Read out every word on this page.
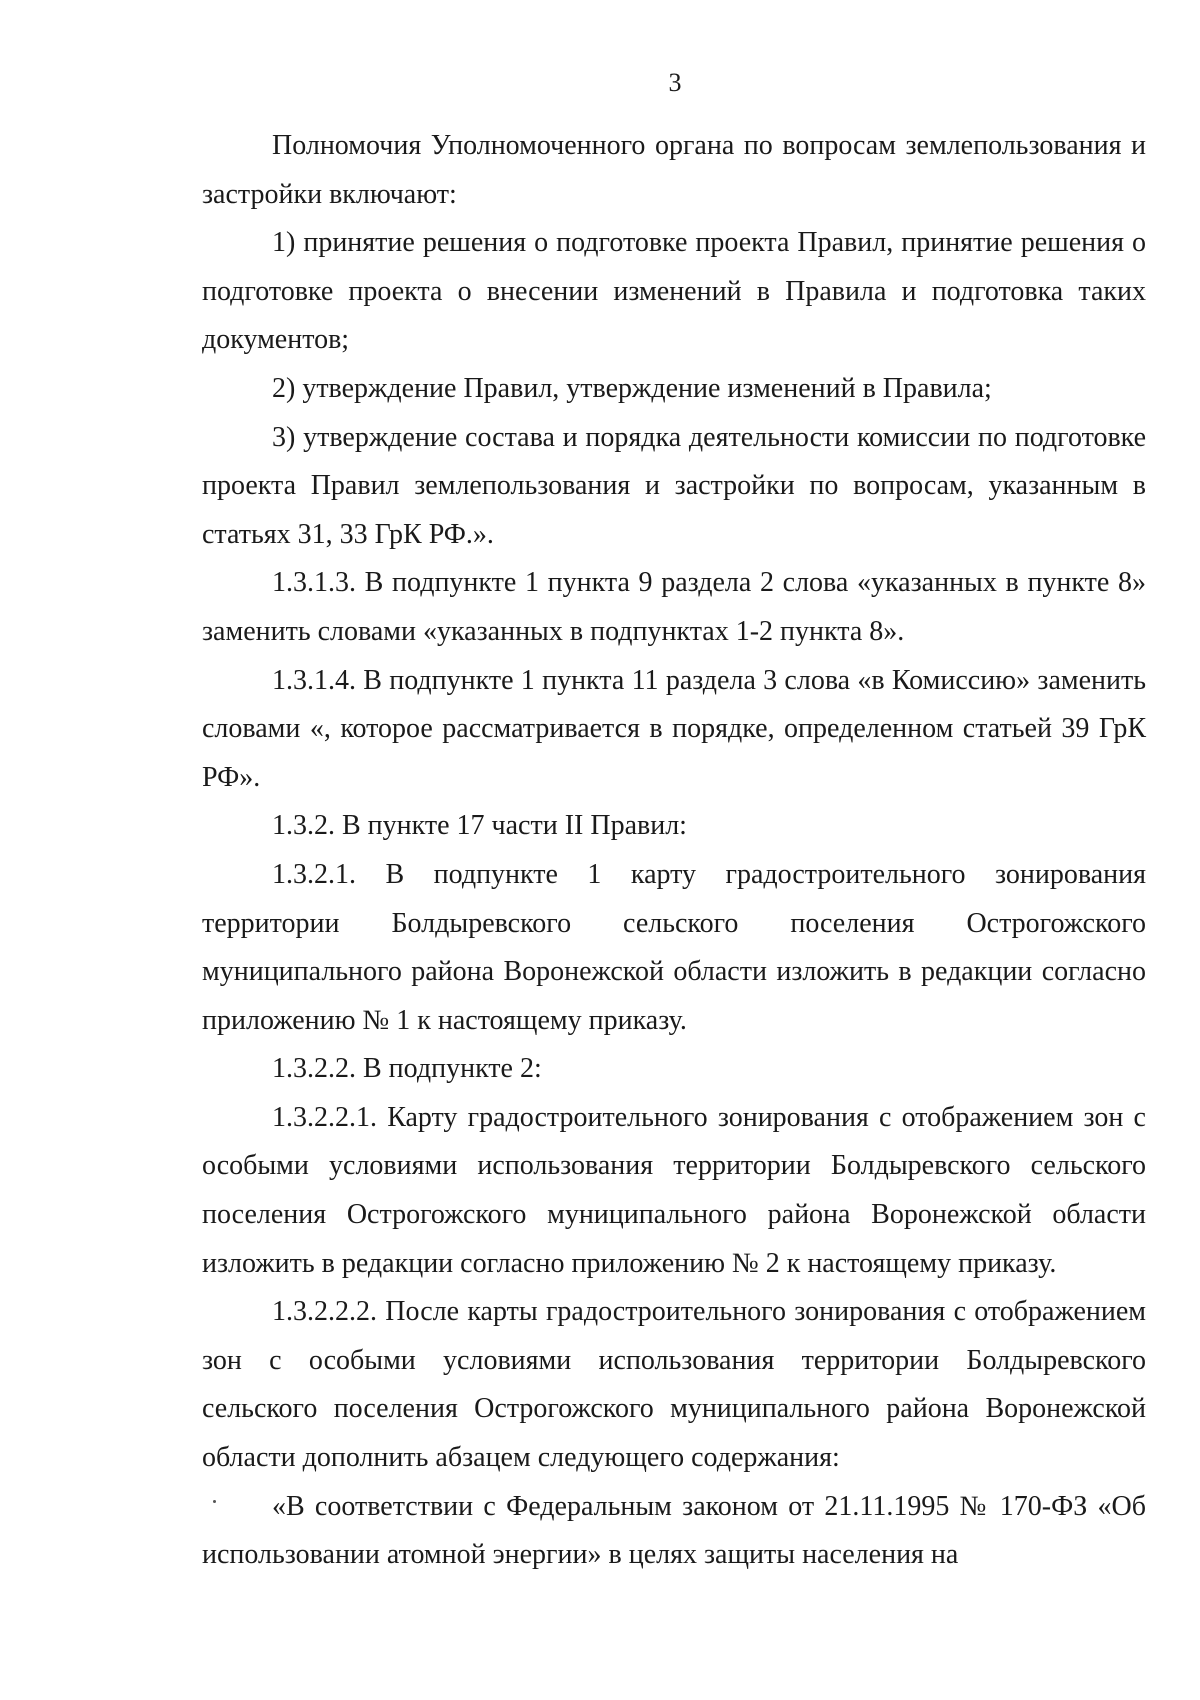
3

Полномочия Уполномоченного органа по вопросам землепользования и застройки включают:

1) принятие решения о подготовке проекта Правил, принятие решения о подготовке проекта о внесении изменений в Правила и подготовка таких документов;

2) утверждение Правил, утверждение изменений в Правила;

3) утверждение состава и порядка деятельности комиссии по подготовке проекта Правил землепользования и застройки по вопросам, указанным в статьях 31, 33 ГрК РФ.».

1.3.1.3. В подпункте 1 пункта 9 раздела 2 слова «указанных в пункте 8» заменить словами «указанных в подпунктах 1-2 пункта 8».

1.3.1.4. В подпункте 1 пункта 11 раздела 3 слова «в Комиссию» заменить словами «, которое рассматривается в порядке, определенном статьей 39 ГрК РФ».

1.3.2. В пункте 17 части II Правил:

1.3.2.1. В подпункте 1 карту градостроительного зонирования территории Болдыревского сельского поселения Острогожского муниципального района Воронежской области изложить в редакции согласно приложению № 1 к настоящему приказу.

1.3.2.2. В подпункте 2:

1.3.2.2.1. Карту градостроительного зонирования с отображением зон с особыми условиями использования территории Болдыревского сельского поселения Острогожского муниципального района Воронежской области изложить в редакции согласно приложению № 2 к настоящему приказу.

1.3.2.2.2. После карты градостроительного зонирования с отображением зон с особыми условиями использования территории Болдыревского сельского поселения Острогожского муниципального района Воронежской области дополнить абзацем следующего содержания:

«В соответствии с Федеральным законом от 21.11.1995 № 170-ФЗ «Об использовании атомной энергии» в целях защиты населения на
